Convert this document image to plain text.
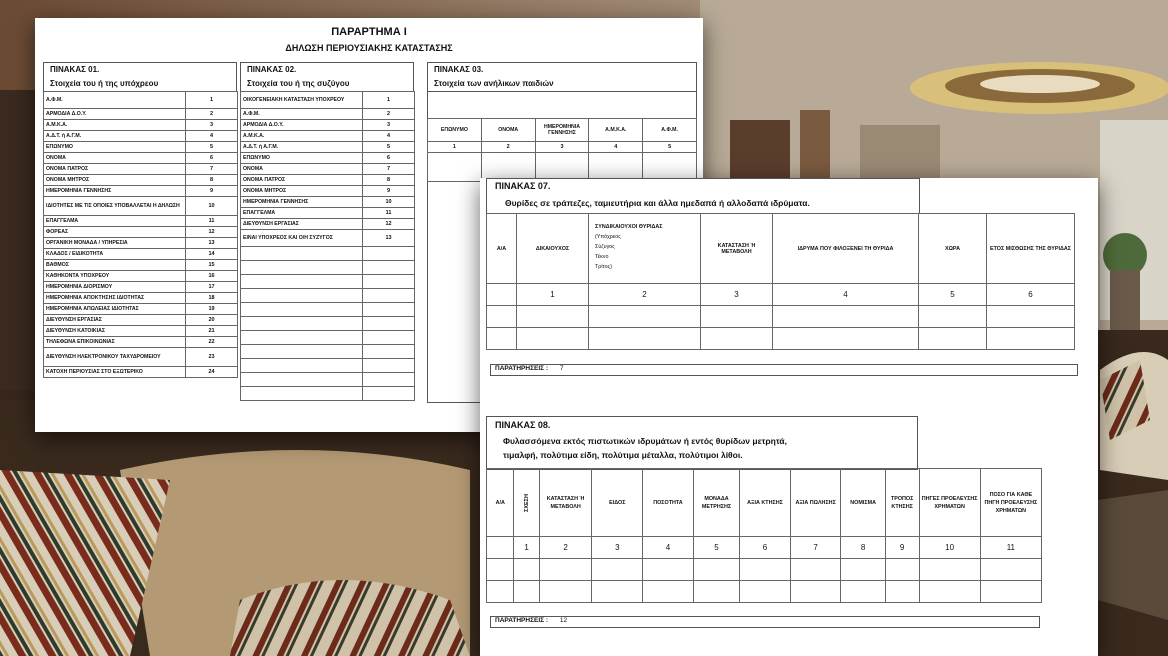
ΠΑΡΑΡΤΗΜΑ Ι
ΔΗΛΩΣΗ ΠΕΡΙΟΥΣΙΑΚΗΣ ΚΑΤΑΣΤΑΣΗΣ
ΠΙΝΑΚΑΣ 01.
Στοιχεία του ή της υπόχρεου
Α.Φ.Μ.	1
ΑΡΜΟΔΙΑ Δ.Ο.Υ.	2
Α.Μ.Κ.Α.	3
Α.Δ.Τ. ή Α.Γ.Μ.	4
ΕΠΩΝΥΜΟ	5
ΟΝΟΜΑ	6
ΟΝΟΜΑ ΠΑΤΡΟΣ	7
ΟΝΟΜΑ ΜΗΤΡΟΣ	8
ΗΜΕΡΟΜΗΝΙΑ ΓΕΝΝΗΣΗΣ	9
ΙΔΙΟΤΗΤΕΣ ΜΕ ΤΙΣ ΟΠΟΙΕΣ ΥΠΟΒΑΛΛΕΤΑΙ Η ΔΗΛΩΣΗ	10
ΕΠΑΓΓΕΛΜΑ	11
ΦΟΡΕΑΣ	12
ΟΡΓΑΝΙΚΗ ΜΟΝΑΔΑ / ΥΠΗΡΕΣΙΑ	13
ΚΛΑΔΟΣ / ΕΙΔΙΚΟΤΗΤΑ	14
ΒΑΘΜΟΣ	15
ΚΑΘΗΚΟΝΤΑ ΥΠΟΧΡΕΟΥ	16
ΗΜΕΡΟΜΗΝΙΑ ΔΙΟΡΙΣΜΟΥ	17
ΗΜΕΡΟΜΗΝΙΑ ΑΠΟΚΤΗΣΗΣ ΙΔΙΟΤΗΤΑΣ	18
ΗΜΕΡΟΜΗΝΙΑ ΑΠΩΛΕΙΑΣ ΙΔΙΟΤΗΤΑΣ	19
ΔΙΕΥΘΥΝΣΗ ΕΡΓΑΣΙΑΣ	20
ΔΙΕΥΘΥΝΣΗ ΚΑΤΟΙΚΙΑΣ	21
ΤΗΛΕΦΩΝΑ ΕΠΙΚΟΙΝΩΝΙΑΣ	22
ΔΙΕΥΘΥΝΣΗ ΗΛΕΚΤΡΟΝΙΚΟΥ ΤΑΧΥΔΡΟΜΕΙΟΥ	23
ΚΑΤΟΧΗ ΠΕΡΙΟΥΣΙΑΣ ΣΤΟ ΕΞΩΤΕΡΙΚΟ	24
ΠΙΝΑΚΑΣ 02.
Στοιχεία του ή της συζύγου
ΟΙΚΟΓΕΝΕΙΑΚΗ ΚΑΤΑΣΤΑΣΗ ΥΠΟΧΡΕΟΥ	1
Α.Φ.Μ.	2
ΑΡΜΟΔΙΑ Δ.Ο.Υ.	3
Α.Μ.Κ.Α.	4
Α.Δ.Τ. ή Α.Γ.Μ.	5
ΕΠΩΝΥΜΟ	6
ΟΝΟΜΑ	7
ΟΝΟΜΑ ΠΑΤΡΟΣ	8
ΟΝΟΜΑ ΜΗΤΡΟΣ	9
ΗΜΕΡΟΜΗΝΙΑ ΓΕΝΝΗΣΗΣ	10
ΕΠΑΓΓΕΛΜΑ	11
ΔΙΕΥΘΥΝΣΗ ΕΡΓΑΣΙΑΣ	12
ΕΙΝΑΙ ΥΠΟΧΡΕΟΣ ΚΑΙ Ο/Η ΣΥΖΥΓΟΣ	13

ΠΙΝΑΚΑΣ 03.
Στοιχεία των ανήλικων παιδιών
ΕΠΩΝΥΜΟ	ΟΝΟΜΑ	ΗΜΕΡΟΜΗΝΙΑ ΓΕΝΝΗΣΗΣ	Α.Μ.Κ.Α.	Α.Φ.Μ.
1	2	3	4	5

ΠΙΝΑΚΑΣ 07.
Θυρίδες σε τράπεζες, ταμιευτήρια και άλλα ημεδαπά ή αλλοδαπά ιδρύματα.
Α/Α	ΔΙΚΑΙΟΥΧΟΣ	ΣΥΝΔΙΚΑΙΟΥΧΟΙ ΘΥΡΙΔΑΣ
(Υπόχρεος
Σύζυγος
Τέκνο
Τρίτος)	ΚΑΤΑΣΤΑΣΗ Ή ΜΕΤΑΒΟΛΗ	ΙΔΡΥΜΑ ΠΟΥ ΦΙΛΟΞΕΝΕΙ ΤΗ ΘΥΡΙΔΑ	ΧΩΡΑ	ΕΤΟΣ ΜΙΣΘΩΣΗΣ ΤΗΣ ΘΥΡΙΔΑΣ
	1	2	3	4	5	6

ΠΑΡΑΤΗΡΗΣΕΙΣ : 7
ΠΙΝΑΚΑΣ 08.
Φυλασσόμενα εκτός πιστωτικών ιδρυμάτων ή εντός θυρίδων μετρητά,
τιμαλφή, πολύτιμα είδη, πολύτιμα μέταλλα, πολύτιμοι λίθοι.
Α/Α	ΣΧΕΣΗ	ΚΑΤΑΣΤΑΣΗ Ή ΜΕΤΑΒΟΛΗ	ΕΙΔΟΣ	ΠΟΣΟΤΗΤΑ	ΜΟΝΑΔΑ ΜΕΤΡΗΣΗΣ	ΑΞΙΑ ΚΤΗΣΗΣ	ΑΞΙΑ ΠΩΛΗΣΗΣ	ΝΟΜΙΣΜΑ	ΤΡΟΠΟΣ ΚΤΗΣΗΣ	ΠΗΓΕΣ ΠΡΟΕΛΕΥΣΗΣ ΧΡΗΜΑΤΩΝ	ΠΟΣΟ ΓΙΑ ΚΑΘΕ ΠΗΓΗ ΠΡΟΕΛΕΥΣΗΣ ΧΡΗΜΑΤΩΝ
	1	2	3	4	5	6	7	8	9	10	11

ΠΑΡΑΤΗΡΗΣΕΙΣ : 12
